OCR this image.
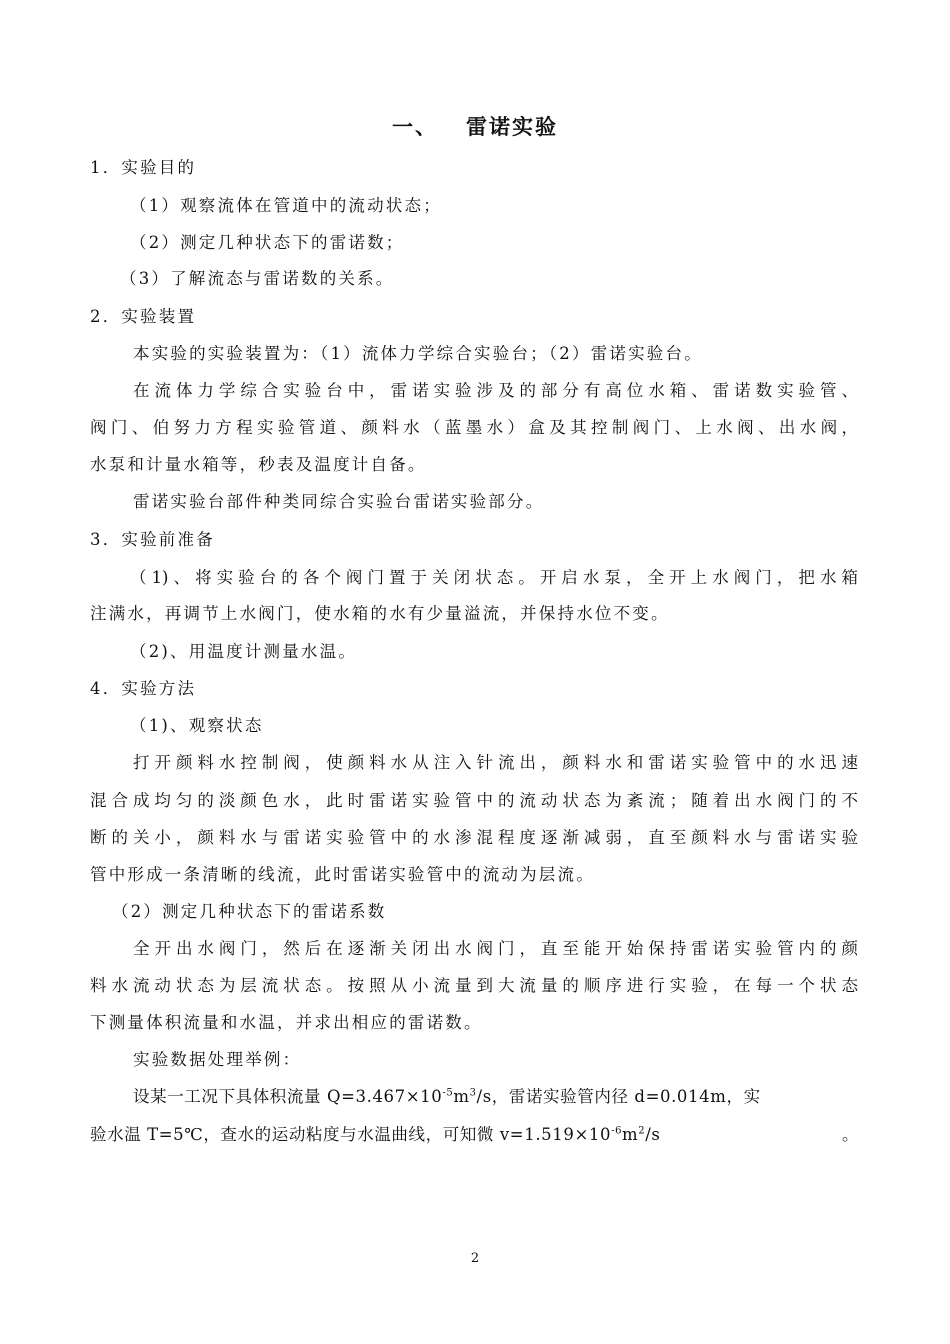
一、 雷诺实验
1．实验目的
（1）观察流体在管道中的流动状态；
（2）测定几种状态下的雷诺数；
（3）了解流态与雷诺数的关系。
2．实验装置
本实验的实验装置为：（1）流体力学综合实验台；（2）雷诺实验台。
在流体力学综合实验台中，雷诺实验涉及的部分有高位水箱、雷诺数实验管、
阀门、伯努力方程实验管道、颜料水（蓝墨水）盒及其控制阀门、上水阀、出水阀，
水泵和计量水箱等，秒表及温度计自备。
雷诺实验台部件种类同综合实验台雷诺实验部分。
3．实验前准备
（1)、将实验台的各个阀门置于关闭状态。开启水泵，全开上水阀门，把水箱
注满水，再调节上水阀门，使水箱的水有少量溢流，并保持水位不变。
（2)、用温度计测量水温。
4．实验方法
（1)、观察状态
打开颜料水控制阀，使颜料水从注入针流出，颜料水和雷诺实验管中的水迅速
混合成均匀的淡颜色水，此时雷诺实验管中的流动状态为紊流；随着出水阀门的不
断的关小，颜料水与雷诺实验管中的水渗混程度逐渐减弱，直至颜料水与雷诺实验
管中形成一条清晰的线流，此时雷诺实验管中的流动为层流。
（2）测定几种状态下的雷诺系数
全开出水阀门，然后在逐渐关闭出水阀门，直至能开始保持雷诺实验管内的颜
料水流动状态为层流状态。按照从小流量到大流量的顺序进行实验，在每一个状态
下测量体积流量和水温，并求出相应的雷诺数。
实验数据处理举例：
设某一工况下具体积流量 $Q=3.467\times 10^{-5}m^3/s$，雷诺实验管内径 d=0.014m，实
验水温 T=5℃，查水的运动粘度与水温曲线，可知微 $v=1.519\times 10^{-6}m^2/s$	。
2
